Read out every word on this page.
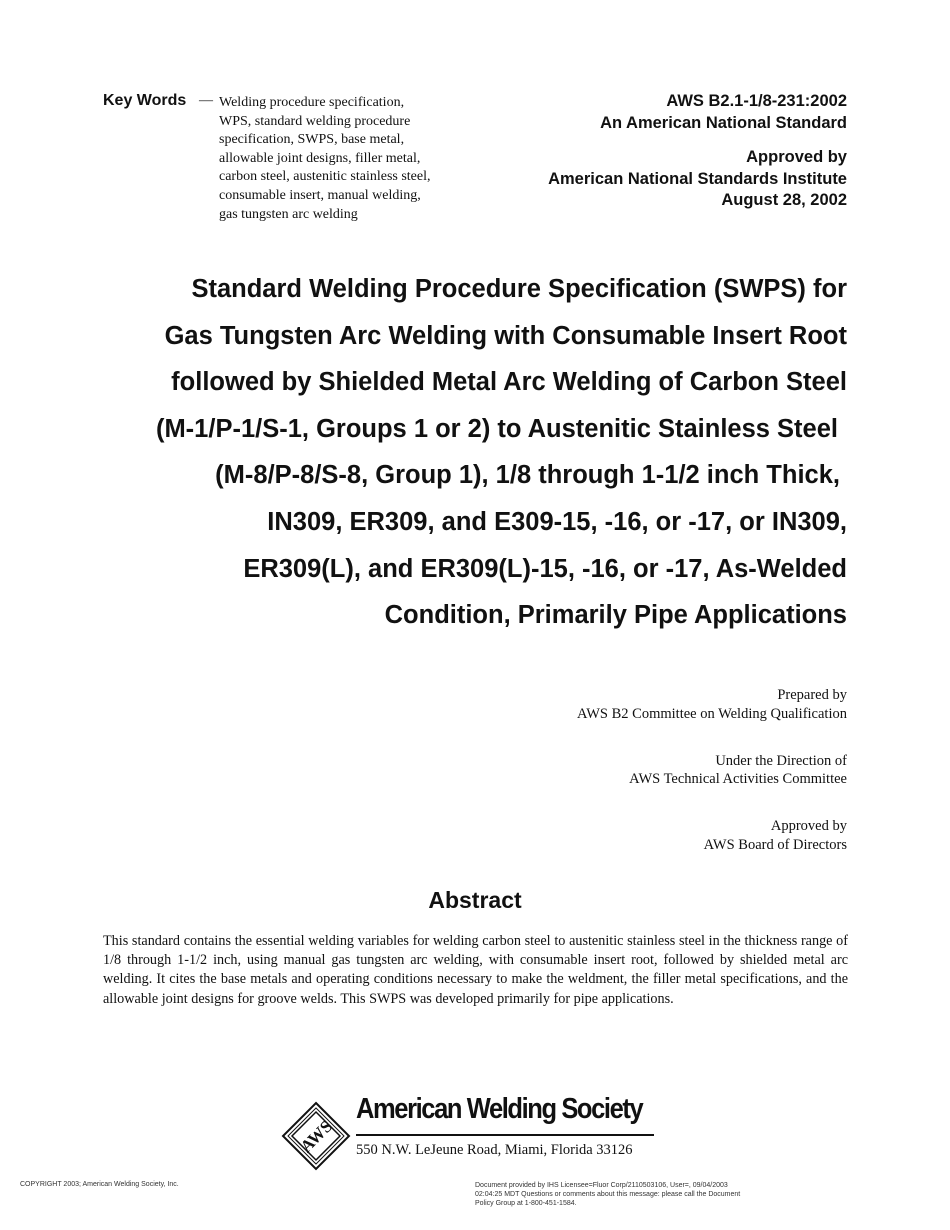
Key Words — Welding procedure specification,
WPS, standard welding procedure
specification, SWPS, base metal,
allowable joint designs, filler metal,
carbon steel, austenitic stainless steel,
consumable insert, manual welding,
gas tungsten arc welding
AWS B2.1-1/8-231:2002
An American National Standard
Approved by
American National Standards Institute
August 28, 2002
Standard Welding Procedure Specification (SWPS) for
Gas Tungsten Arc Welding with Consumable Insert Root
followed by Shielded Metal Arc Welding of Carbon Steel
(M-1/P-1/S-1, Groups 1 or 2) to Austenitic Stainless Steel
(M-8/P-8/S-8, Group 1), 1/8 through 1-1/2 inch Thick,
IN309, ER309, and E309-15, -16, or -17, or IN309,
ER309(L), and ER309(L)-15, -16, or -17, As-Welded
Condition, Primarily Pipe Applications
Prepared by
AWS B2 Committee on Welding Qualification
Under the Direction of
AWS Technical Activities Committee
Approved by
AWS Board of Directors
Abstract
This standard contains the essential welding variables for welding carbon steel to austenitic stainless steel in the thickness range of 1/8 through 1-1/2 inch, using manual gas tungsten arc welding, with consumable insert root, followed by shielded metal arc welding. It cites the base metals and operating conditions necessary to make the weldment, the filler metal specifications, and the allowable joint designs for groove welds. This SWPS was developed primarily for pipe applications.
AWS
American Welding Society
550 N.W. LeJeune Road, Miami, Florida 33126
COPYRIGHT 2003; American Welding Society, Inc.	Document provided by IHS Licensee=Fluor Corp/2110503106, User=, 09/04/2003
02:04:25 MDT Questions or comments about this message: please call the Document
Policy Group at 1-800-451-1584.
